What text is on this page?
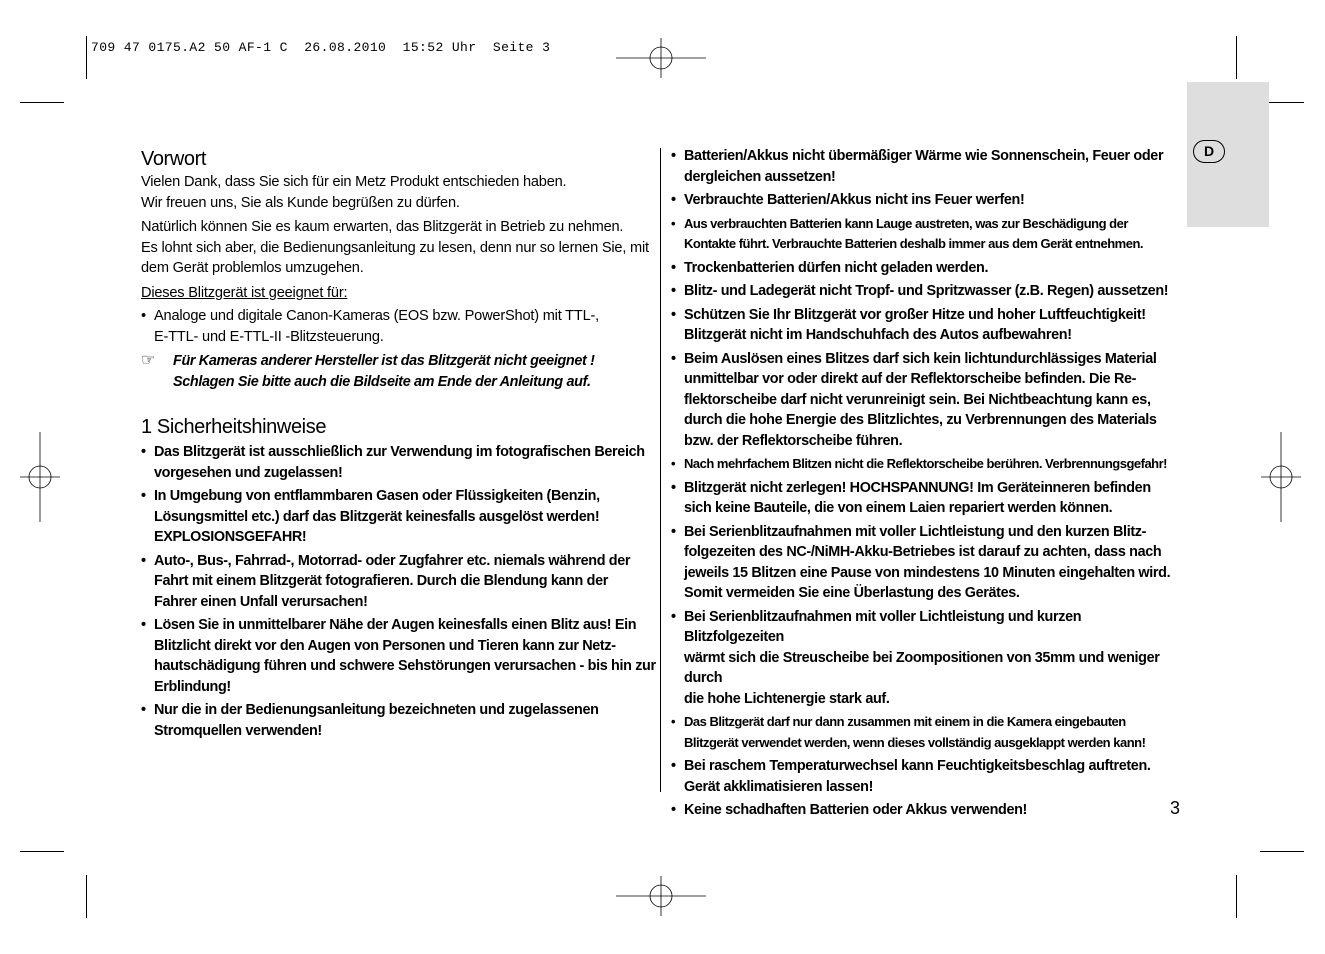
709 47 0175.A2 50 AF-1 C  26.08.2010  15:52 Uhr  Seite 3
D
Vorwort

Vielen Dank, dass Sie sich für ein Metz Produkt entschieden haben.

Wir freuen uns, Sie als Kunde begrüßen zu dürfen.

Natürlich können Sie es kaum erwarten, das Blitzgerät in Betrieb zu nehmen.

Es lohnt sich aber, die Bedienungsanleitung zu lesen, denn nur so lernen Sie, mit

dem Gerät problemlos umzugehen.

Dieses Blitzgerät ist geeignet für:

• Analoge und digitale Canon-Kameras (EOS bzw. PowerShot) mit TTL-,
E-TTL- und E-TTL-II -Blitzsteuerung.
☞	Für Kameras anderer Hersteller ist das Blitzgerät nicht geeignet !
Schlagen Sie bitte auch die Bildseite am Ende der Anleitung auf.
1 Sicherheitshinweise
• Das Blitzgerät ist ausschließlich zur Verwendung im fotografischen Bereich
vorgesehen und zugelassen!
• In Umgebung von entflammbaren Gasen oder Flüssigkeiten (Benzin,
Lösungsmittel etc.) darf das Blitzgerät keinesfalls ausgelöst werden!
EXPLOSIONSGEFAHR!
• Auto-, Bus-, Fahrrad-, Motorrad- oder Zugfahrer etc. niemals während der
Fahrt mit einem Blitzgerät fotografieren. Durch die Blendung kann der
Fahrer einen Unfall verursachen!
• Lösen Sie in unmittelbarer Nähe der Augen keinesfalls einen Blitz aus! Ein
Blitzlicht direkt vor den Augen von Personen und Tieren kann zur Netz-
hautschädigung führen und schwere Sehstörungen verursachen - bis hin zur
Erblindung!
• Nur die in der Bedienungsanleitung bezeichneten und zugelassenen
Stromquellen verwenden!
• Batterien/Akkus nicht übermäßiger Wärme wie Sonnenschein, Feuer oder
dergleichen aussetzen!
• Verbrauchte Batterien/Akkus nicht ins Feuer werfen!
• Aus verbrauchten Batterien kann Lauge austreten, was zur Beschädigung der
Kontakte führt. Verbrauchte Batterien deshalb immer aus dem Gerät entnehmen.
• Trockenbatterien dürfen nicht geladen werden.
• Blitz- und Ladegerät nicht Tropf- und Spritzwasser (z.B. Regen) aussetzen!
• Schützen Sie Ihr Blitzgerät vor großer Hitze und hoher Luftfeuchtigkeit!
Blitzgerät nicht im Handschuhfach des Autos aufbewahren!
• Beim Auslösen eines Blitzes darf sich kein lichtundurchlässiges Material
unmittelbar vor oder direkt auf der Reflektorscheibe befinden. Die Re-
flektorscheibe darf nicht verunreinigt sein. Bei Nichtbeachtung kann es,
durch die hohe Energie des Blitzlichtes, zu Verbrennungen des Materials
bzw. der Reflektorscheibe führen.
• Nach mehrfachem Blitzen nicht die Reflektorscheibe berühren. Verbrennungsgefahr!
• Blitzgerät nicht zerlegen! HOCHSPANNUNG! Im Geräteinneren befinden
sich keine Bauteile, die von einem Laien repariert werden können.
• Bei Serienblitzaufnahmen mit voller Lichtleistung und den kurzen Blitz-
folgezeiten des NC-/NiMH-Akku-Betriebes ist darauf zu achten, dass nach
jeweils 15 Blitzen eine Pause von mindestens 10 Minuten eingehalten wird.
Somit vermeiden Sie eine Überlastung des Gerätes.
• Bei Serienblitzaufnahmen mit voller Lichtleistung und kurzen Blitzfolgezeiten
wärmt sich die Streuscheibe bei Zoompositionen von 35mm und weniger durch
die hohe Lichtenergie stark auf.
• Das Blitzgerät darf nur dann zusammen mit einem in die Kamera eingebauten
Blitzgerät verwendet werden, wenn dieses vollständig ausgeklappt werden kann!
• Bei raschem Temperaturwechsel kann Feuchtigkeitsbeschlag auftreten.
Gerät akklimatisieren lassen!
• Keine schadhaften Batterien oder Akkus verwenden!	3
